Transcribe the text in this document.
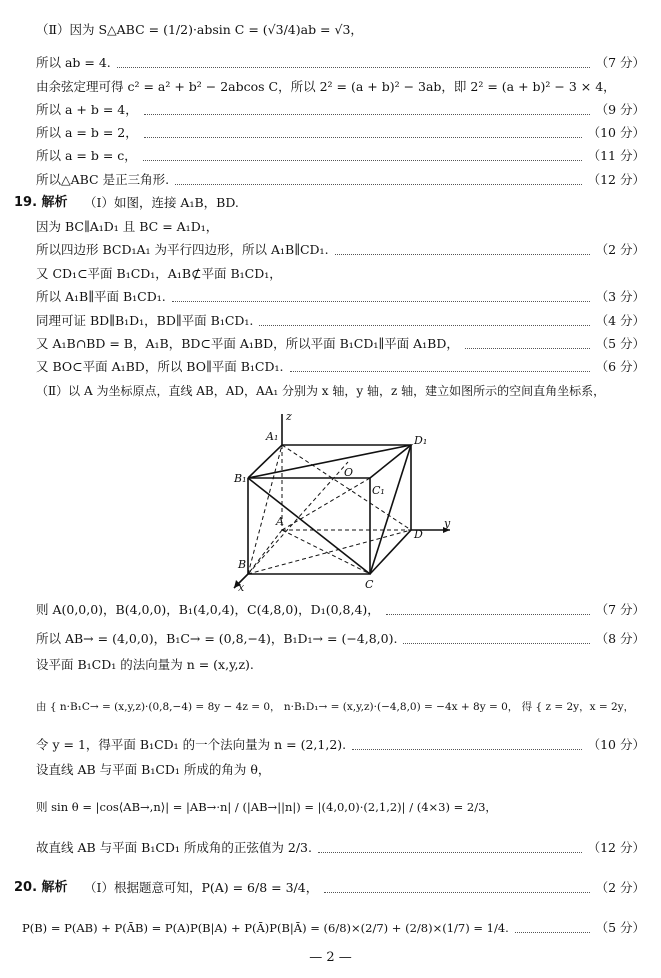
（Ⅱ）因为 S△ABC = (1/2)·absin C = (√3/4)ab = √3，
所以 ab = 4.	（7 分）
由余弦定理可得 c² = a² + b² − 2abcos C，所以 2² = (a + b)² − 3ab，即 2² = (a + b)² − 3 × 4，
所以 a + b = 4，	（9 分）
所以 a = b = 2，	（10 分）
所以 a = b = c，	（11 分）
所以△ABC 是正三角形.	（12 分）
19. 解析 （Ⅰ）如图，连接 A₁B，BD.
因为 BC∥A₁D₁ 且 BC = A₁D₁，
所以四边形 BCD₁A₁ 为平行四边形，所以 A₁B∥CD₁.	（2 分）
又 CD₁⊂平面 B₁CD₁，A₁B⊄平面 B₁CD₁，
所以 A₁B∥平面 B₁CD₁.	（3 分）
同理可证 BD∥B₁D₁，BD∥平面 B₁CD₁.	（4 分）
又 A₁B∩BD = B，A₁B，BD⊂平面 A₁BD，所以平面 B₁CD₁∥平面 A₁BD，	（5 分）
又 BO⊂平面 A₁BD，所以 BO∥平面 B₁CD₁.	（6 分）
（Ⅱ）以 A 为坐标原点，直线 AB，AD，AA₁ 分别为 x 轴，y 轴，z 轴，建立如图所示的空间直角坐标系，
A₁
z
D₁
B₁	O
C₁
A	y
D
B
C
x
则 A(0,0,0)，B(4,0,0)，B₁(4,0,4)，C(4,8,0)，D₁(0,8,4)，	（7 分）
所以 AB→ = (4,0,0)，B₁C→ = (0,8,−4)，B₁D₁→ = (−4,8,0).	（8 分）
设平面 B₁CD₁ 的法向量为 n = (x,y,z).
由 { n·B₁C→ = (x,y,z)·(0,8,−4) = 8y − 4z = 0， n·B₁D₁→ = (x,y,z)·(−4,8,0) = −4x + 8y = 0， 得 { z = 2y，x = 2y，
令 y = 1，得平面 B₁CD₁ 的一个法向量为 n = (2,1,2).	（10 分）
设直线 AB 与平面 B₁CD₁ 所成的角为 θ，
则 sin θ = |cos⟨AB→,n⟩| = |AB→·n| / (|AB→||n|) = |(4,0,0)·(2,1,2)| / (4×3) = 2/3，
故直线 AB 与平面 B₁CD₁ 所成角的正弦值为 2/3.	（12 分）
20. 解析 （Ⅰ）根据题意可知，P(A) = 6/8 = 3/4，	（2 分）
P(B) = P(AB) + P(ĀB) = P(A)P(B|A) + P(Ā)P(B|Ā) = (6/8)×(2/7) + (2/8)×(1/7) = 1/4.	（5 分）
— 2 —
